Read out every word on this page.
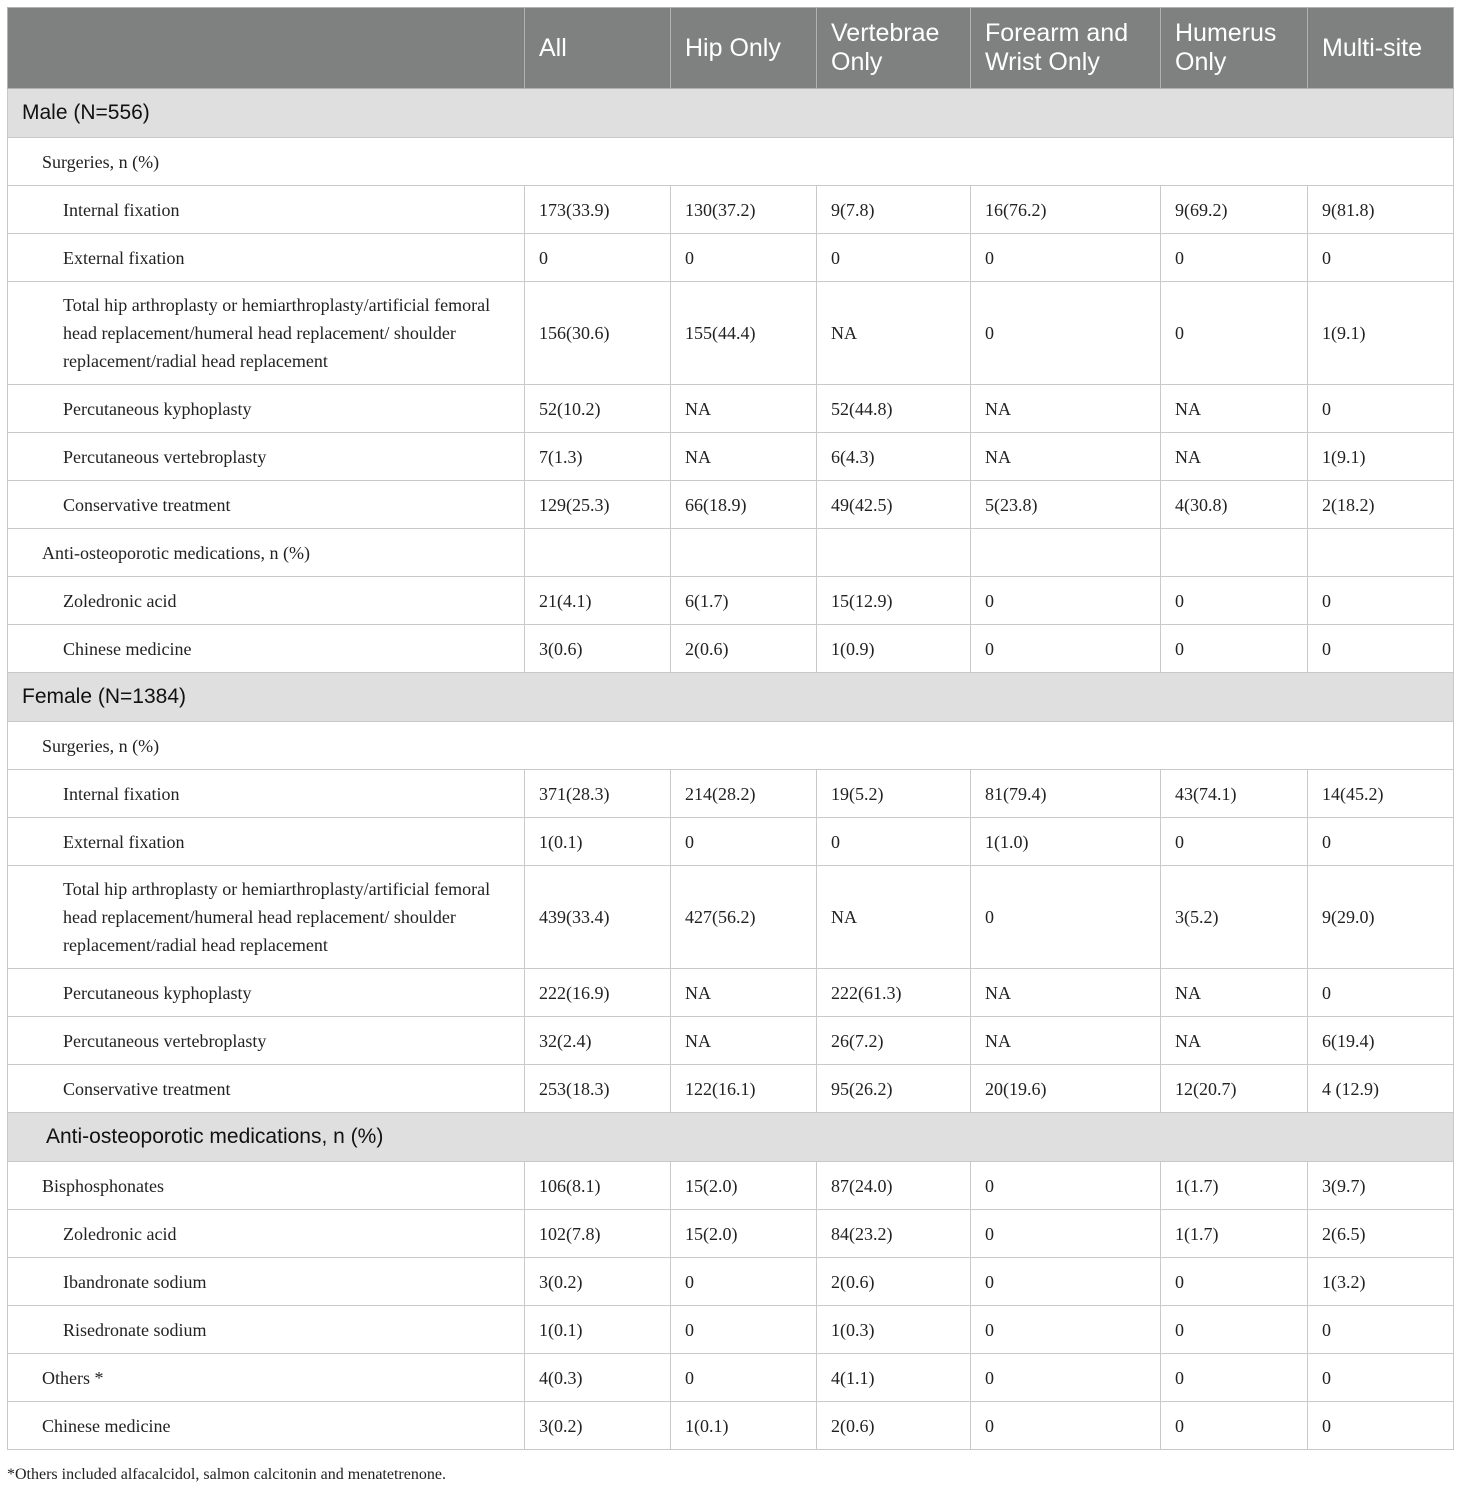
	All	Hip Only	Vertebrae Only	Forearm and Wrist Only	Humerus Only	Multi-site
Male (N=556)						
Surgeries, n (%)						
Internal fixation	173(33.9)	130(37.2)	9(7.8)	16(76.2)	9(69.2)	9(81.8)
External fixation	0	0	0	0	0	0
Total hip arthroplasty or hemiarthroplasty/artificial femoral head replacement/humeral head replacement/ shoulder replacement/radial head replacement	156(30.6)	155(44.4)	NA	0	0	1(9.1)
Percutaneous kyphoplasty	52(10.2)	NA	52(44.8)	NA	NA	0
Percutaneous vertebroplasty	7(1.3)	NA	6(4.3)	NA	NA	1(9.1)
Conservative treatment	129(25.3)	66(18.9)	49(42.5)	5(23.8)	4(30.8)	2(18.2)
Anti-osteoporotic medications, n (%)						
Zoledronic acid	21(4.1)	6(1.7)	15(12.9)	0	0	0
Chinese medicine	3(0.6)	2(0.6)	1(0.9)	0	0	0
Female (N=1384)						
Surgeries, n (%)						
Internal fixation	371(28.3)	214(28.2)	19(5.2)	81(79.4)	43(74.1)	14(45.2)
External fixation	1(0.1)	0	0	1(1.0)	0	0
Total hip arthroplasty or hemiarthroplasty/artificial femoral head replacement/humeral head replacement/ shoulder replacement/radial head replacement	439(33.4)	427(56.2)	NA	0	3(5.2)	9(29.0)
Percutaneous kyphoplasty	222(16.9)	NA	222(61.3)	NA	NA	0
Percutaneous vertebroplasty	32(2.4)	NA	26(7.2)	NA	NA	6(19.4)
Conservative treatment	253(18.3)	122(16.1)	95(26.2)	20(19.6)	12(20.7)	4 (12.9)
Anti-osteoporotic medications, n (%)						
Bisphosphonates	106(8.1)	15(2.0)	87(24.0)	0	1(1.7)	3(9.7)
Zoledronic acid	102(7.8)	15(2.0)	84(23.2)	0	1(1.7)	2(6.5)
Ibandronate sodium	3(0.2)	0	2(0.6)	0	0	1(3.2)
Risedronate sodium	1(0.1)	0	1(0.3)	0	0	0
Others *	4(0.3)	0	4(1.1)	0	0	0
Chinese medicine	3(0.2)	1(0.1)	2(0.6)	0	0	0
*Others included alfacalcidol, salmon calcitonin and menatetrenone.
